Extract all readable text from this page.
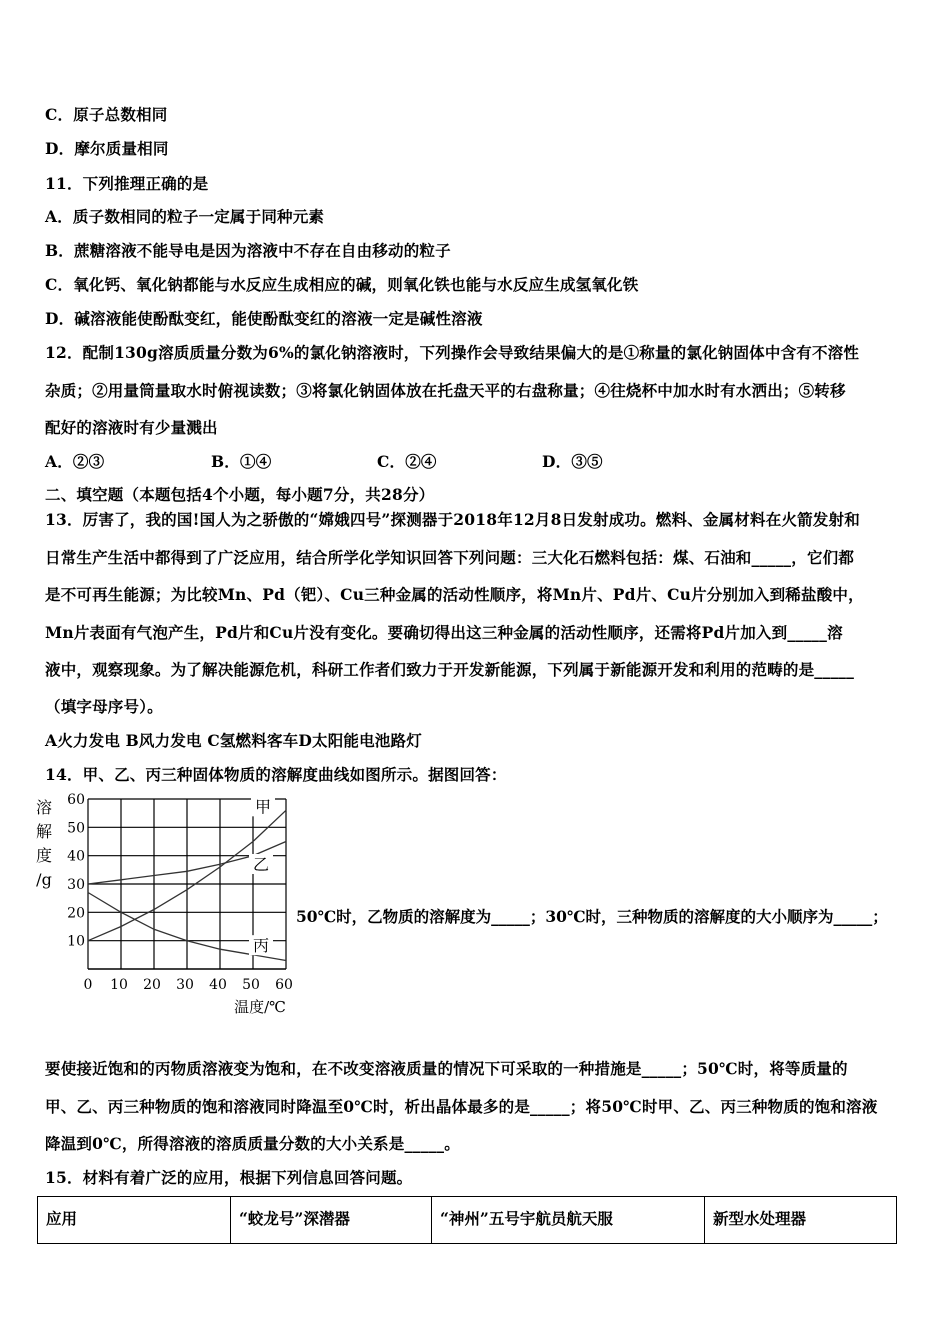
C．原子总数相同
D．摩尔质量相同
11．下列推理正确的是
A．质子数相同的粒子一定属于同种元素
B．蔗糖溶液不能导电是因为溶液中不存在自由移动的粒子
C．氧化钙、氧化钠都能与水反应生成相应的碱，则氧化铁也能与水反应生成氢氧化铁
D．碱溶液能使酚酞变红，能使酚酞变红的溶液一定是碱性溶液
12．配制130g溶质质量分数为6%的氯化钠溶液时，下列操作会导致结果偏大的是①称量的氯化钠固体中含有不溶性
杂质；②用量筒量取水时俯视读数；③将氯化钠固体放在托盘天平的右盘称量；④往烧杯中加水时有水洒出；⑤转移
配好的溶液时有少量溅出
A．②③	B．①④	C．②④	D．③⑤
二、填空题（本题包括4个小题，每小题7分，共28分）
13．厉害了，我的国!国人为之骄傲的“嫦娥四号”探测器于2018年12月8日发射成功。燃料、金属材料在火箭发射和
日常生产生活中都得到了广泛应用，结合所学化学知识回答下列问题：三大化石燃料包括：煤、石油和_____，它们都
是不可再生能源；为比较Mn、Pd（钯）、Cu三种金属的活动性顺序，将Mn片、Pd片、Cu片分别加入到稀盐酸中，
Mn片表面有气泡产生，Pd片和Cu片没有变化。要确切得出这三种金属的活动性顺序，还需将Pd片加入到_____溶
液中，观察现象。为了解决能源危机，科研工作者们致力于开发新能源，下列属于新能源开发和利用的范畴的是_____
（填字母序号）。
A火力发电 B风力发电 C氢燃料客车D太阳能电池路灯
14．甲、乙、丙三种固体物质的溶解度曲线如图所示。据图回答：
0 10 20 30 40 50 60
10
20
30
40
50
60
溶
解
度
/g
温度/℃
甲
乙
丙
50℃时，乙物质的溶解度为_____；30℃时，三种物质的溶解度的大小顺序为_____；
要使接近饱和的丙物质溶液变为饱和，在不改变溶液质量的情况下可采取的一种措施是_____；50℃时，将等质量的
甲、乙、丙三种物质的饱和溶液同时降温至0℃时，析出晶体最多的是_____；将50℃时甲、乙、丙三种物质的饱和溶液
降温到0℃，所得溶液的溶质质量分数的大小关系是_____。
15．材料有着广泛的应用，根据下列信息回答问题。
应用	“蛟龙号”深潜器	“神州”五号宇航员航天服	新型水处理器
